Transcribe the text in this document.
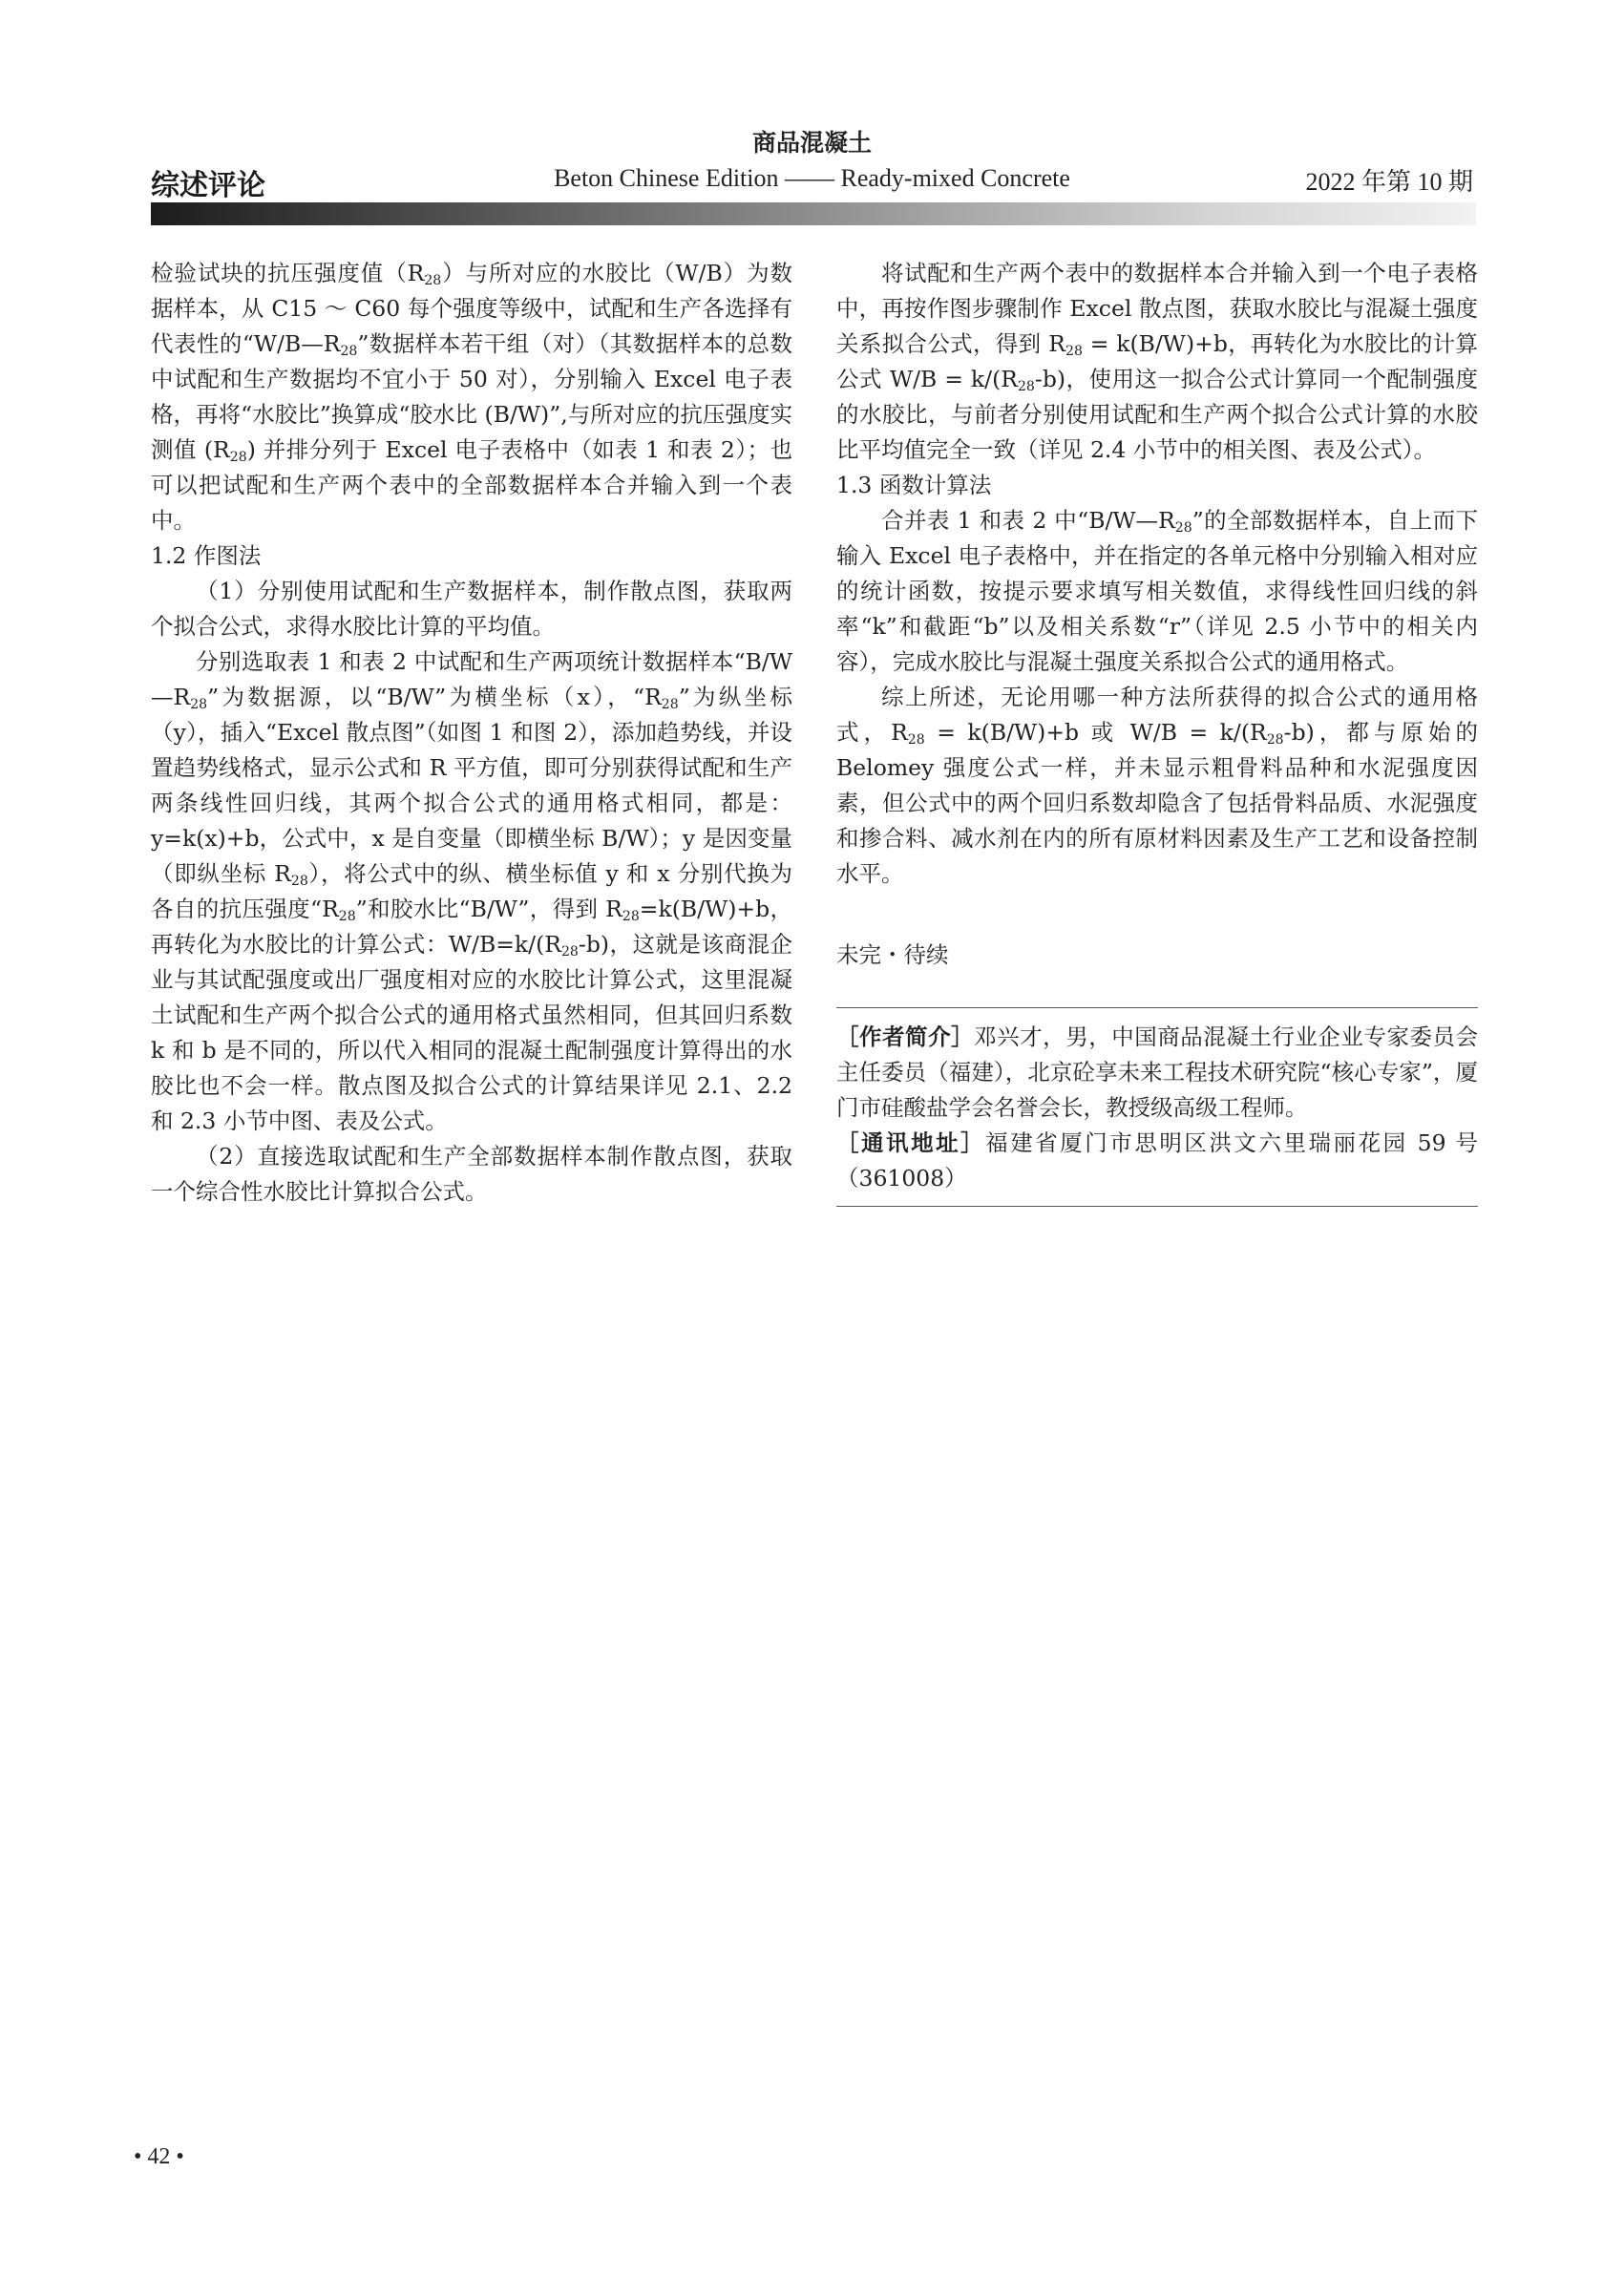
商品混凝土
Beton Chinese Edition —— Ready-mixed Concrete
综述评论	2022 年第 10 期

检验试块的抗压强度值$(R_{28})$与所对应的水胶比（W/B）为数据样本，从 C15 ～ C60 每个强度等级中，试配和生产各选择有代表性的“$W/B—R_{28}$”数据样本若干组（对）（其数据样本的总数中试配和生产数据均不宜小于 50 对），分别输入 Excel 电子表格，再将“水胶比”换算成“胶水比 (B/W)”,与所对应的抗压强度实测值 $(R_{28})$ 并排分列于 Excel 电子表格中（如表 1 和表 2）；也可以把试配和生产两个表中的全部数据样本合并输入到一个表中。

1.2 作图法

（1）分别使用试配和生产数据样本，制作散点图，获取两个拟合公式，求得水胶比计算的平均值。

分别选取表 1 和表 2 中试配和生产两项统计数据样本“$B/W—R_{28}$”为数据源，以“B/W”为横坐标（x），“$R_{28}$”为纵坐标（y），插入“Excel 散点图”（如图 1 和图 2），添加趋势线，并设置趋势线格式，显示公式和 R 平方值，即可分别获得试配和生产两条线性回归线，其两个拟合公式的通用格式相同，都是：y=k(x)+b，公式中，x 是自变量（即横坐标 B/W）；y 是因变量（即纵坐标 $R_{28}$），将公式中的纵、横坐标值 y 和 x 分别代换为各自的抗压强度“$R_{28}$”和胶水比“B/W”，得到 $R_{28}=k(B/W)+b$，再转化为水胶比的计算公式：$W/B=k/(R_{28}-b)$，这就是该商混企业与其试配强度或出厂强度相对应的水胶比计算公式，这里混凝土试配和生产两个拟合公式的通用格式虽然相同，但其回归系数 k 和 b 是不同的，所以代入相同的混凝土配制强度计算得出的水胶比也不会一样。散点图及拟合公式的计算结果详见 2.1、2.2 和 2.3 小节中图、表及公式。

（2）直接选取试配和生产全部数据样本制作散点图，获取一个综合性水胶比计算拟合公式。

将试配和生产两个表中的数据样本合并输入到一个电子表格中，再按作图步骤制作 Excel 散点图，获取水胶比与混凝土强度关系拟合公式，得到 $R_{28} = k(B/W)+b$，再转化为水胶比的计算公式 $W/B = k/(R_{28}-b)$，使用这一拟合公式计算同一个配制强度的水胶比，与前者分别使用试配和生产两个拟合公式计算的水胶比平均值完全一致（详见 2.4 小节中的相关图、表及公式）。

1.3 函数计算法

合并表 1 和表 2 中“$B/W—R_{28}$”的全部数据样本，自上而下输入 Excel 电子表格中，并在指定的各单元格中分别输入相对应的统计函数，按提示要求填写相关数值，求得线性回归线的斜率“k”和截距“b”以及相关系数“r”（详见 2.5 小节中的相关内容），完成水胶比与混凝土强度关系拟合公式的通用格式。

综上所述，无论用哪一种方法所获得的拟合公式的通用格式，$R_{28} = k(B/W)+b$ 或 $W/B = k/(R_{28}-b)$，都与原始的 Belomey 强度公式一样，并未显示粗骨料品种和水泥强度因素，但公式中的两个回归系数却隐含了包括骨料品质、水泥强度和掺合料、减水剂在内的所有原材料因素及生产工艺和设备控制水平。

未完・待续

［作者简介］邓兴才，男，中国商品混凝土行业企业专家委员会主任委员（福建），北京砼享未来工程技术研究院“核心专家”，厦门市硅酸盐学会名誉会长，教授级高级工程师。

［通讯地址］福建省厦门市思明区洪文六里瑞丽花园 59 号（361008）

• 42 •
